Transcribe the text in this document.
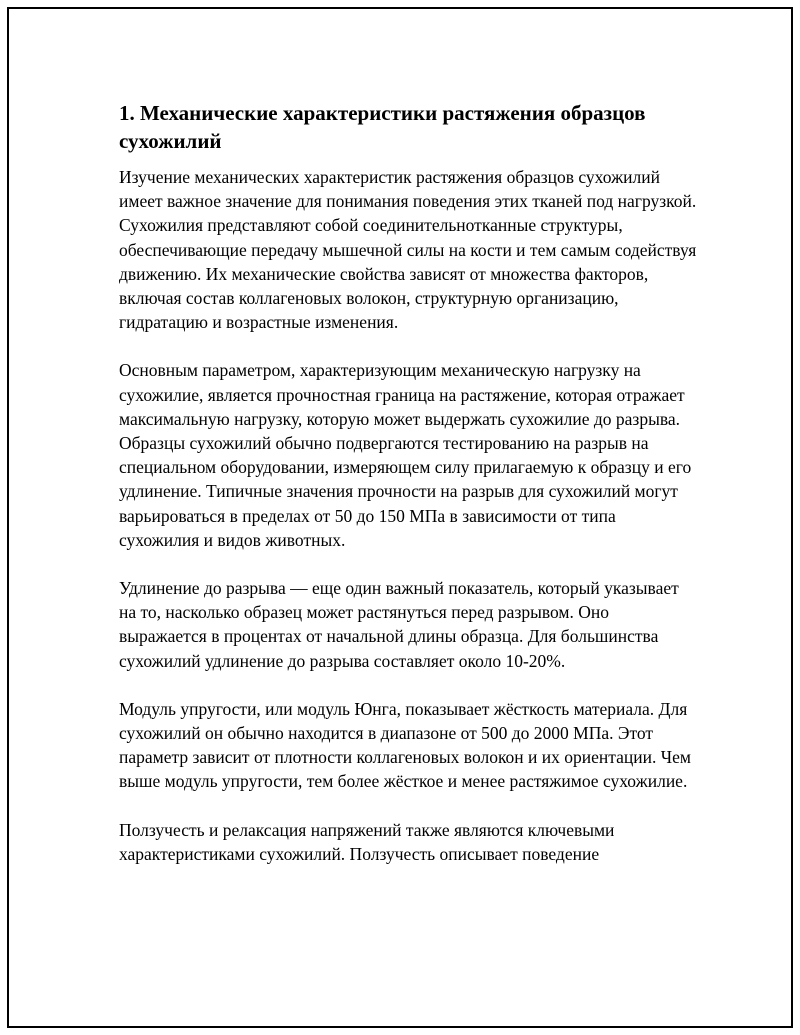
1. Механические характеристики растяжения образцов сухожилий

Изучение механических характеристик растяжения образцов сухожилий имеет важное значение для понимания поведения этих тканей под нагрузкой. Сухожилия представляют собой соединительнотканные структуры, обеспечивающие передачу мышечной силы на кости и тем самым содействуя движению. Их механические свойства зависят от множества факторов, включая состав коллагеновых волокон, структурную организацию, гидратацию и возрастные изменения.

Основным параметром, характеризующим механическую нагрузку на сухожилие, является прочностная граница на растяжение, которая отражает максимальную нагрузку, которую может выдержать сухожилие до разрыва. Образцы сухожилий обычно подвергаются тестированию на разрыв на специальном оборудовании, измеряющем силу прилагаемую к образцу и его удлинение. Типичные значения прочности на разрыв для сухожилий могут варьироваться в пределах от 50 до 150 МПа в зависимости от типа сухожилия и видов животных.

Удлинение до разрыва — еще один важный показатель, который указывает на то, насколько образец может растянуться перед разрывом. Оно выражается в процентах от начальной длины образца. Для большинства сухожилий удлинение до разрыва составляет около 10-20%.

Модуль упругости, или модуль Юнга, показывает жёсткость материала. Для сухожилий он обычно находится в диапазоне от 500 до 2000 МПа. Этот параметр зависит от плотности коллагеновых волокон и их ориентации. Чем выше модуль упругости, тем более жёсткое и менее растяжимое сухожилие.

Ползучесть и релаксация напряжений также являются ключевыми характеристиками сухожилий. Ползучесть описывает поведение
